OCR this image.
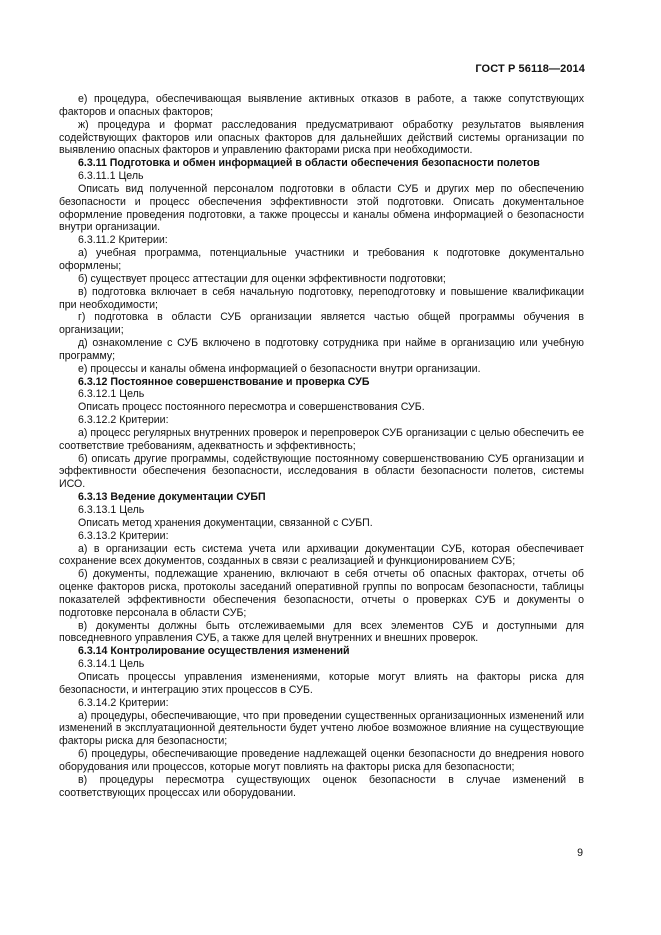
ГОСТ Р 56118—2014

е) процедура, обеспечивающая выявление активных отказов в работе, а также сопутствующих факторов и опасных факторов;

ж) процедура и формат расследования предусматривают обработку результатов выявления содействующих факторов или опасных факторов для дальнейших действий системы организации по выявлению опасных факторов и управлению факторами риска при необходимости.

6.3.11 Подготовка и обмен информацией в области обеспечения безопасности полетов

6.3.11.1 Цель

Описать вид полученной персоналом подготовки в области СУБ и других мер по обеспечению безопасности и процесс обеспечения эффективности этой подготовки. Описать документальное оформление проведения подготовки, а также процессы и каналы обмена информацией о безопасности внутри организации.

6.3.11.2 Критерии:

а) учебная программа, потенциальные участники и требования к подготовке документально оформлены;

б) существует процесс аттестации для оценки эффективности подготовки;

в) подготовка включает в себя начальную подготовку, переподготовку и повышение квалификации при необходимости;

г) подготовка в области СУБ организации является частью общей программы обучения в организации;

д) ознакомление с СУБ включено в подготовку сотрудника при найме в организацию или учебную программу;

е) процессы и каналы обмена информацией о безопасности внутри организации.

6.3.12 Постоянное совершенствование и проверка СУБ

6.3.12.1 Цель

Описать процесс постоянного пересмотра и совершенствования СУБ.

6.3.12.2 Критерии:

а) процесс регулярных внутренних проверок и перепроверок СУБ организации с целью обеспечить ее соответствие требованиям, адекватность и эффективность;

б) описать другие программы, содействующие постоянному совершенствованию СУБ организации и эффективности обеспечения безопасности, исследования в области безопасности полетов, системы ИСО.

6.3.13 Ведение документации СУБП

6.3.13.1 Цель

Описать метод хранения документации, связанной с СУБП.

6.3.13.2 Критерии:

а) в организации есть система учета или архивации документации СУБ, которая обеспечивает сохранение всех документов, созданных в связи с реализацией и функционированием СУБ;

б) документы, подлежащие хранению, включают в себя отчеты об опасных факторах, отчеты об оценке факторов риска, протоколы заседаний оперативной группы по вопросам безопасности, таблицы показателей эффективности обеспечения безопасности, отчеты о проверках СУБ и документы о подготовке персонала в области СУБ;

в) документы должны быть отслеживаемыми для всех элементов СУБ и доступными для повседневного управления СУБ, а также для целей внутренних и внешних проверок.

6.3.14 Контролирование осуществления изменений

6.3.14.1 Цель

Описать процессы управления изменениями, которые могут влиять на факторы риска для безопасности, и интеграцию этих процессов в СУБ.

6.3.14.2 Критерии:

а) процедуры, обеспечивающие, что при проведении существенных организационных изменений или изменений в эксплуатационной деятельности будет учтено любое возможное влияние на существующие факторы риска для безопасности;

б) процедуры, обеспечивающие проведение надлежащей оценки безопасности до внедрения нового оборудования или процессов, которые могут повлиять на факторы риска для безопасности;

в) процедуры пересмотра существующих оценок безопасности в случае изменений в соответствующих процессах или оборудовании.

9
